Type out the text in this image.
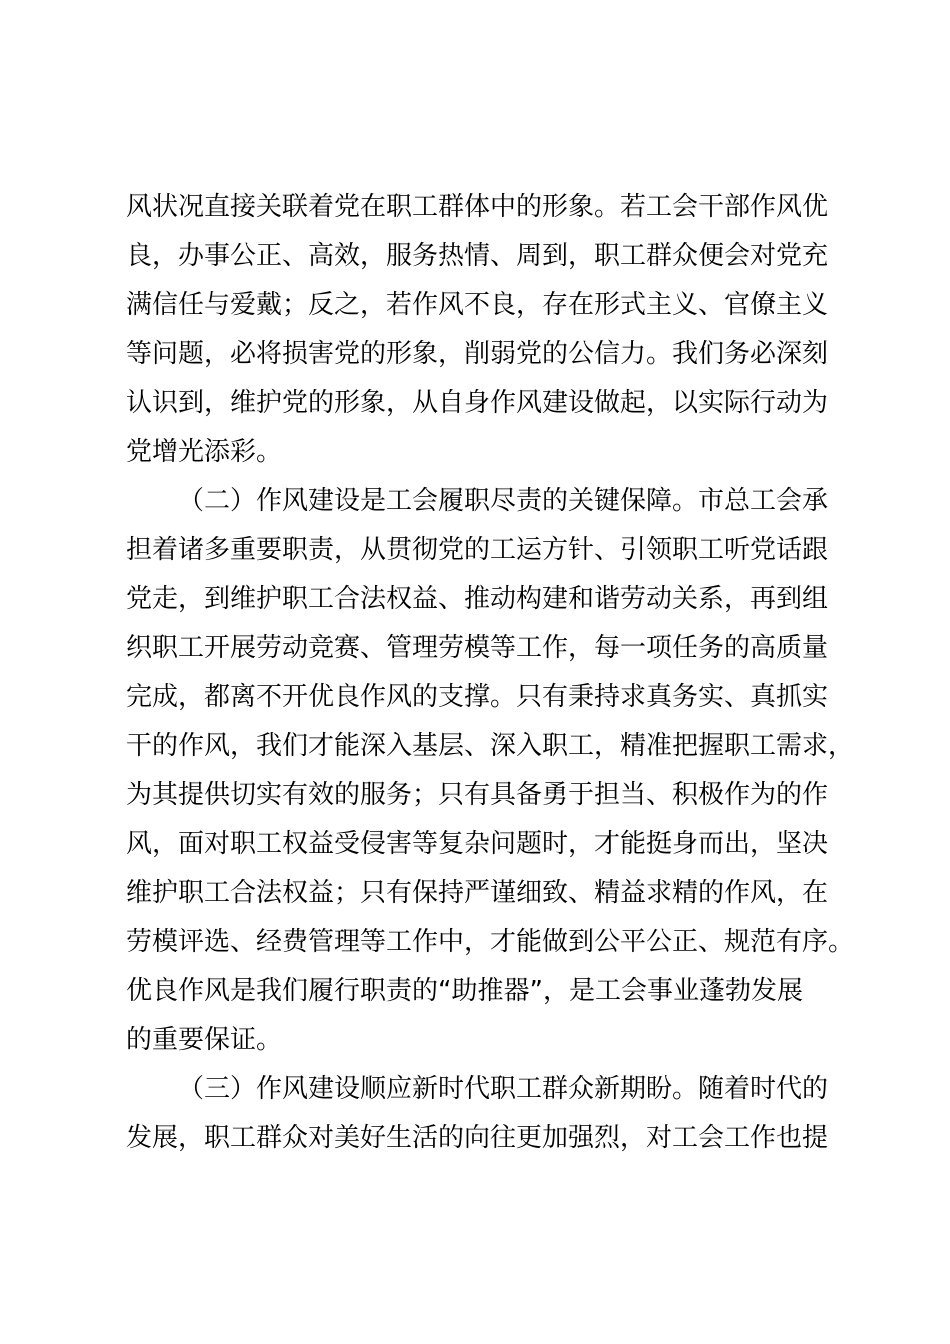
风状况直接关联着党在职工群体中的形象。若工会干部作风优
良，办事公正、高效，服务热情、周到，职工群众便会对党充
满信任与爱戴；反之，若作风不良，存在形式主义、官僚主义
等问题，必将损害党的形象，削弱党的公信力。我们务必深刻
认识到，维护党的形象，从自身作风建设做起，以实际行动为
党增光添彩。
（二）作风建设是工会履职尽责的关键保障。市总工会承
担着诸多重要职责，从贯彻党的工运方针、引领职工听党话跟
党走，到维护职工合法权益、推动构建和谐劳动关系，再到组
织职工开展劳动竞赛、管理劳模等工作，每一项任务的高质量
完成，都离不开优良作风的支撑。只有秉持求真务实、真抓实
干的作风，我们才能深入基层、深入职工，精准把握职工需求，
为其提供切实有效的服务；只有具备勇于担当、积极作为的作
风，面对职工权益受侵害等复杂问题时，才能挺身而出，坚决
维护职工合法权益；只有保持严谨细致、精益求精的作风，在
劳模评选、经费管理等工作中，才能做到公平公正、规范有序。
优良作风是我们履行职责的“助推器”，是工会事业蓬勃发展
的重要保证。
（三）作风建设顺应新时代职工群众新期盼。随着时代的
发展，职工群众对美好生活的向往更加强烈，对工会工作也提
